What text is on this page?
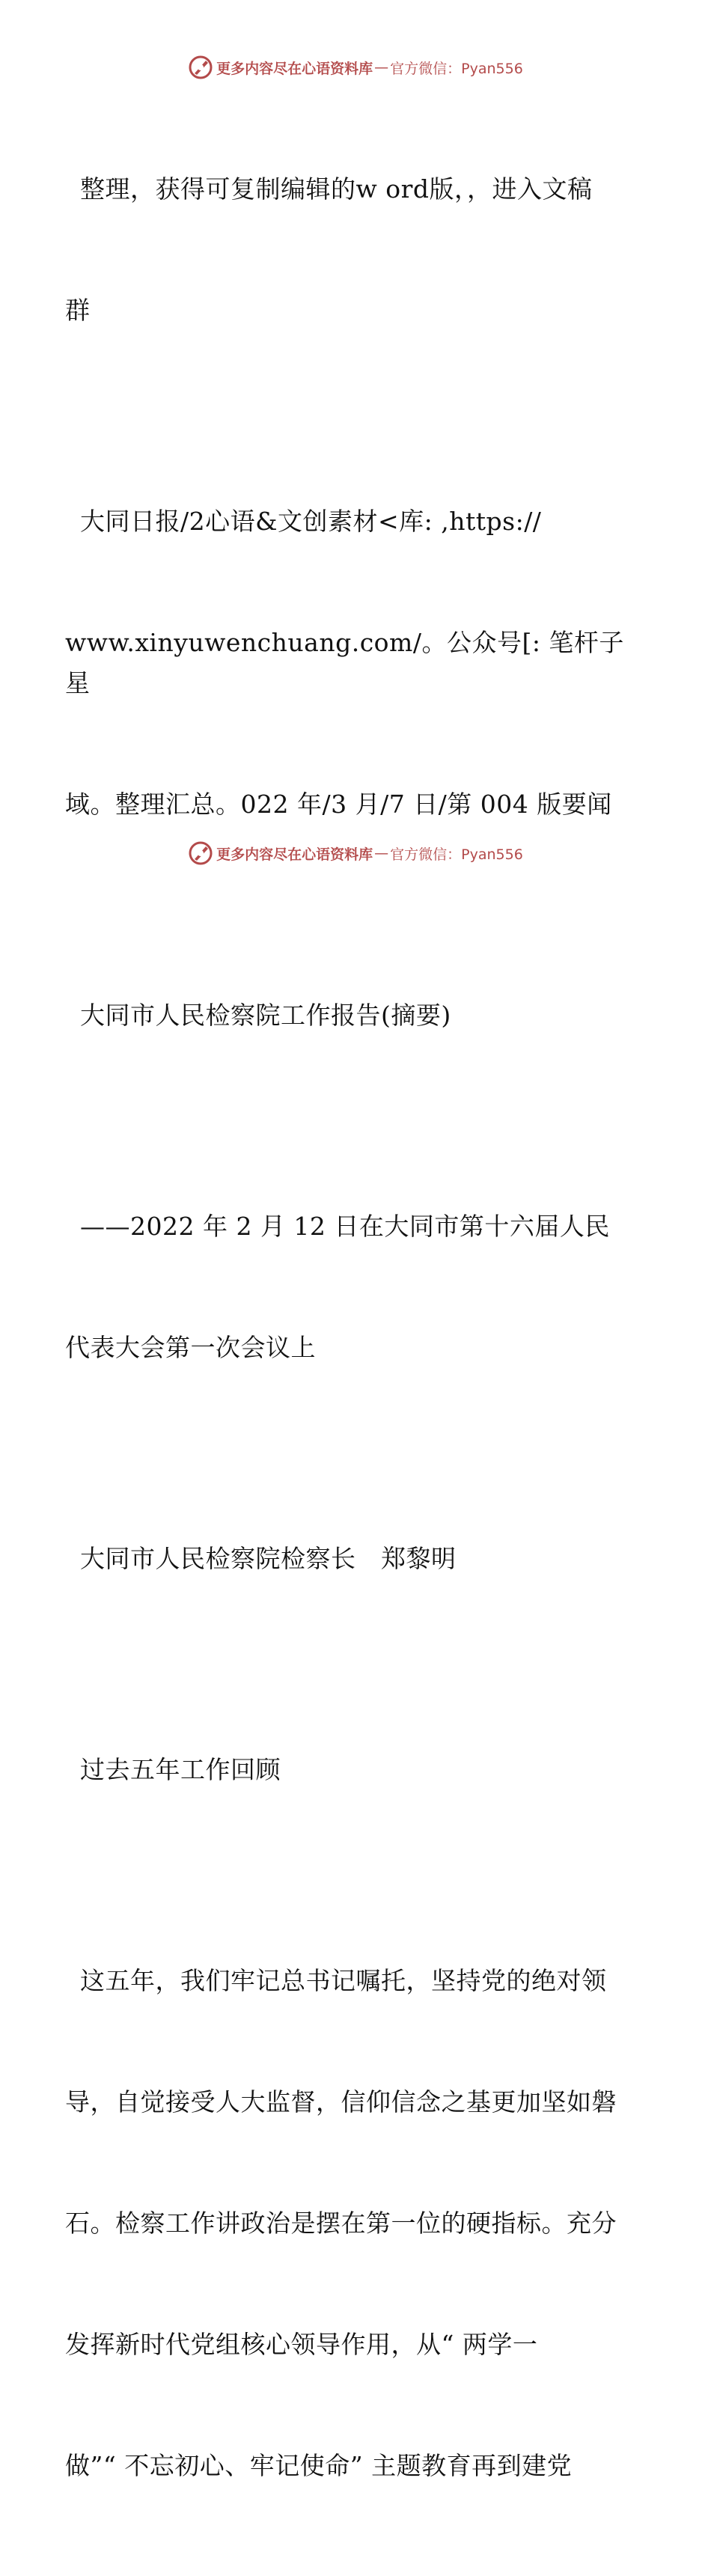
更多内容尽在心语资料库 — 官方微信：Pyan556

整理，获得可复制编辑的w ord版，，进入文稿

群

大同日报/2心语&文创素材<库: ,https://

www.xinyuwenchuang.com/。公众号[: 笔杆子星

域。整理汇总。022 年/3 月/7 日/第 004 版要闻

大同市人民检察院工作报告(摘要)

——2022 年 2 月 12 日在大同市第十六届人民

代表大会第一次会议上

大同市人民检察院检察长　郑黎明

过去五年工作回顾

这五年，我们牢记总书记嘱托，坚持党的绝对领

导，自觉接受人大监督，信仰信念之基更加坚如磐

石。检察工作讲政治是摆在第一位的硬指标。充分

发挥新时代党组核心领导作用，从“ 两学一

做”“ 不忘初心、牢记使命” 主题教育再到建党

更多内容尽在心语资料库 — 官方微信：Pyan556
